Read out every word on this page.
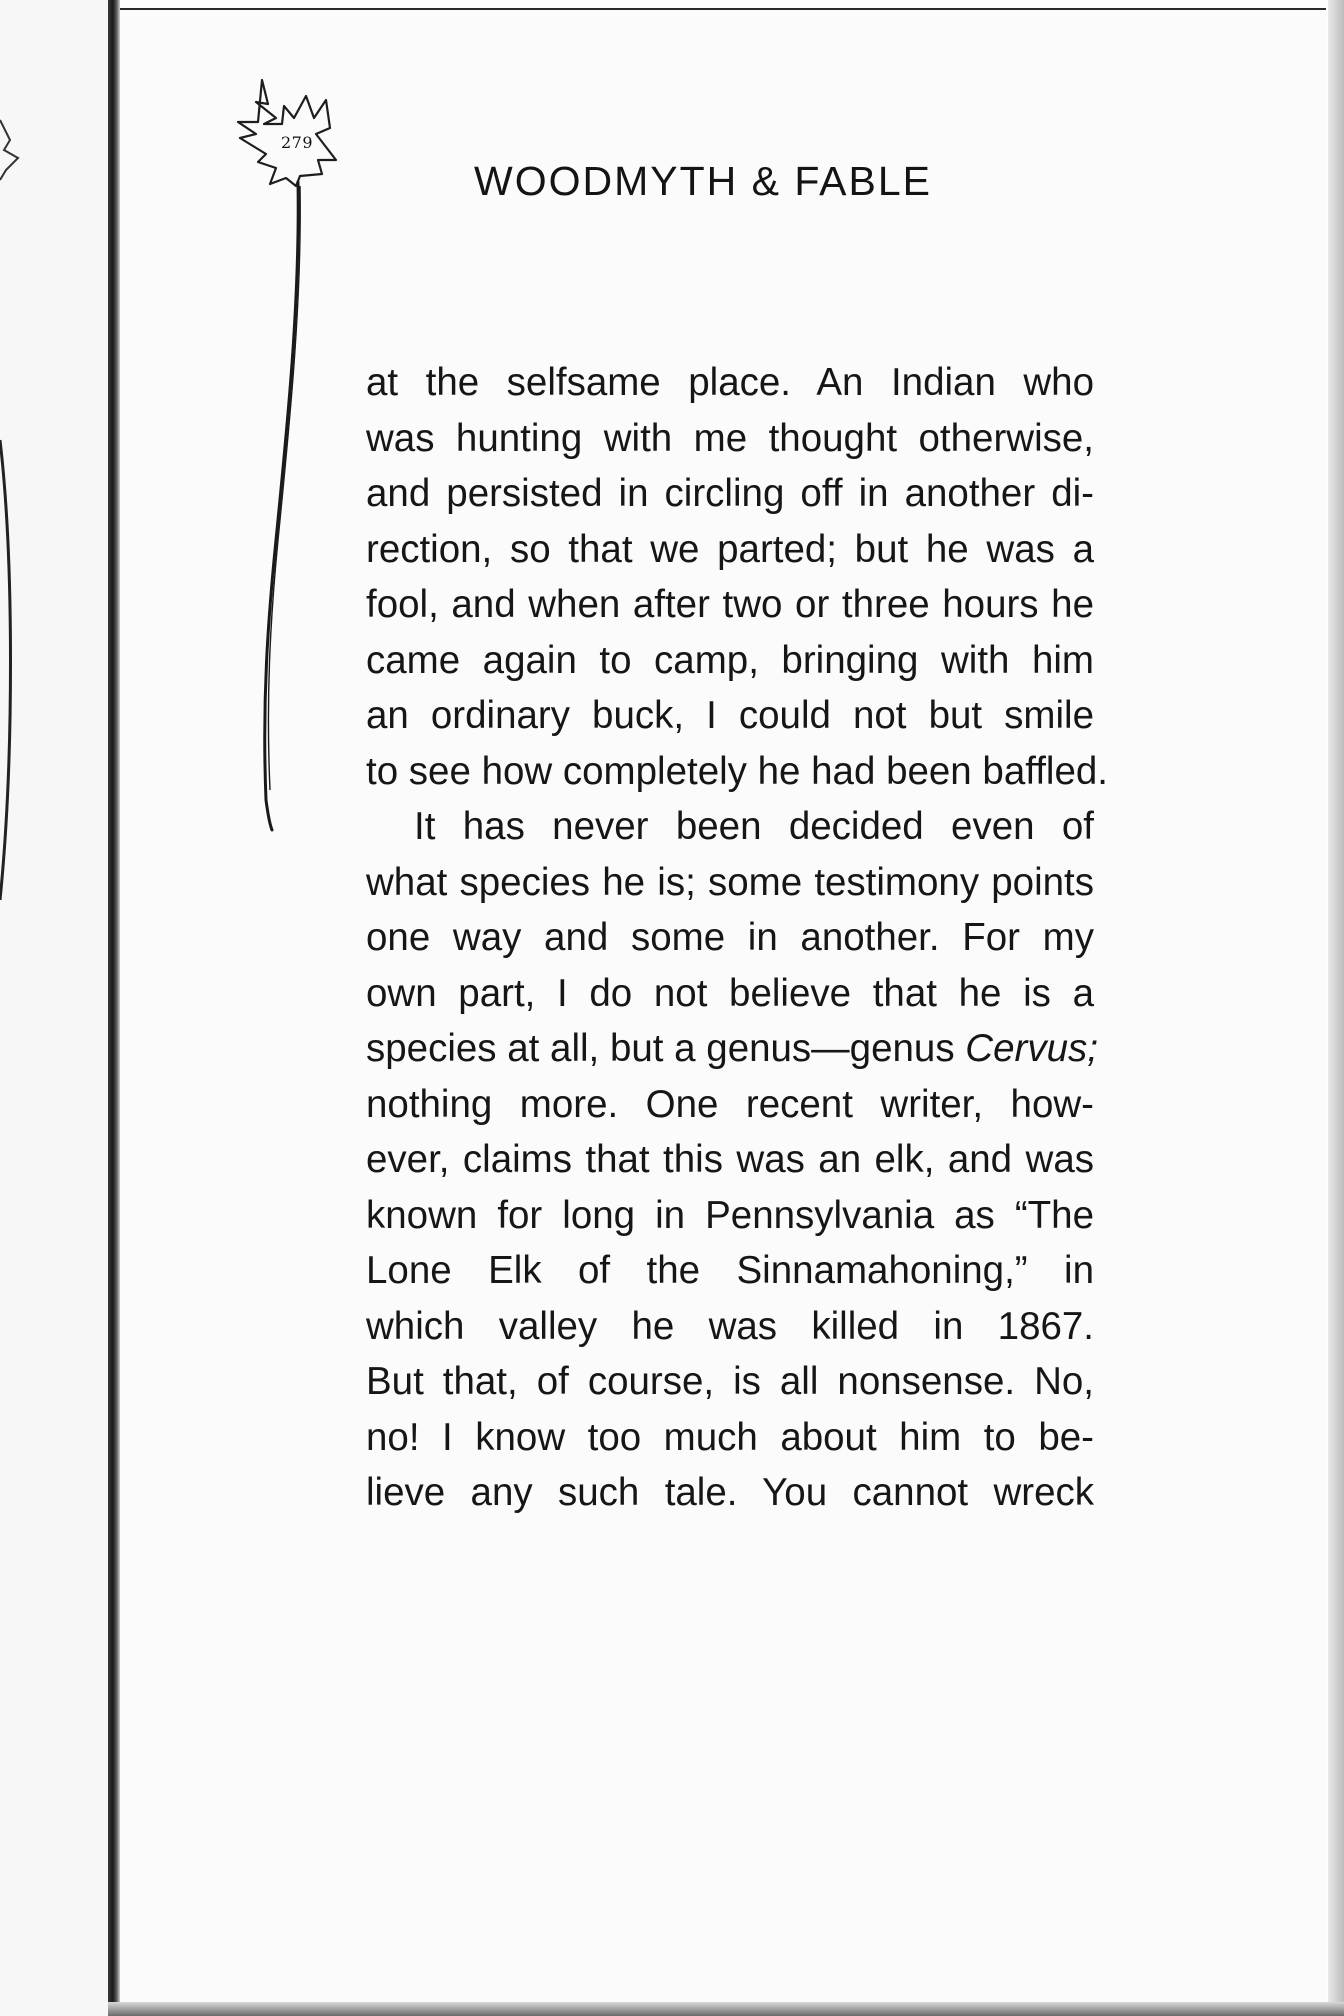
279
WOODMYTH & FABLE
at the selfsame place. An Indian who
was hunting with me thought otherwise,
and persisted in circling off in another di-
rection, so that we parted; but he was a
fool, and when after two or three hours he
came again to camp, bringing with him
an ordinary buck, I could not but smile
to see how completely he had been baffled.
It has never been decided even of
what species he is; some testimony points
one way and some in another. For my
own part, I do not believe that he is a
species at all, but a genus—genus Cervus;
nothing more. One recent writer, how-
ever, claims that this was an elk, and was
known for long in Pennsylvania as “The
Lone Elk of the Sinnamahoning,” in
which valley he was killed in 1867.
But that, of course, is all nonsense. No,
no! I know too much about him to be-
lieve any such tale. You cannot wreck
